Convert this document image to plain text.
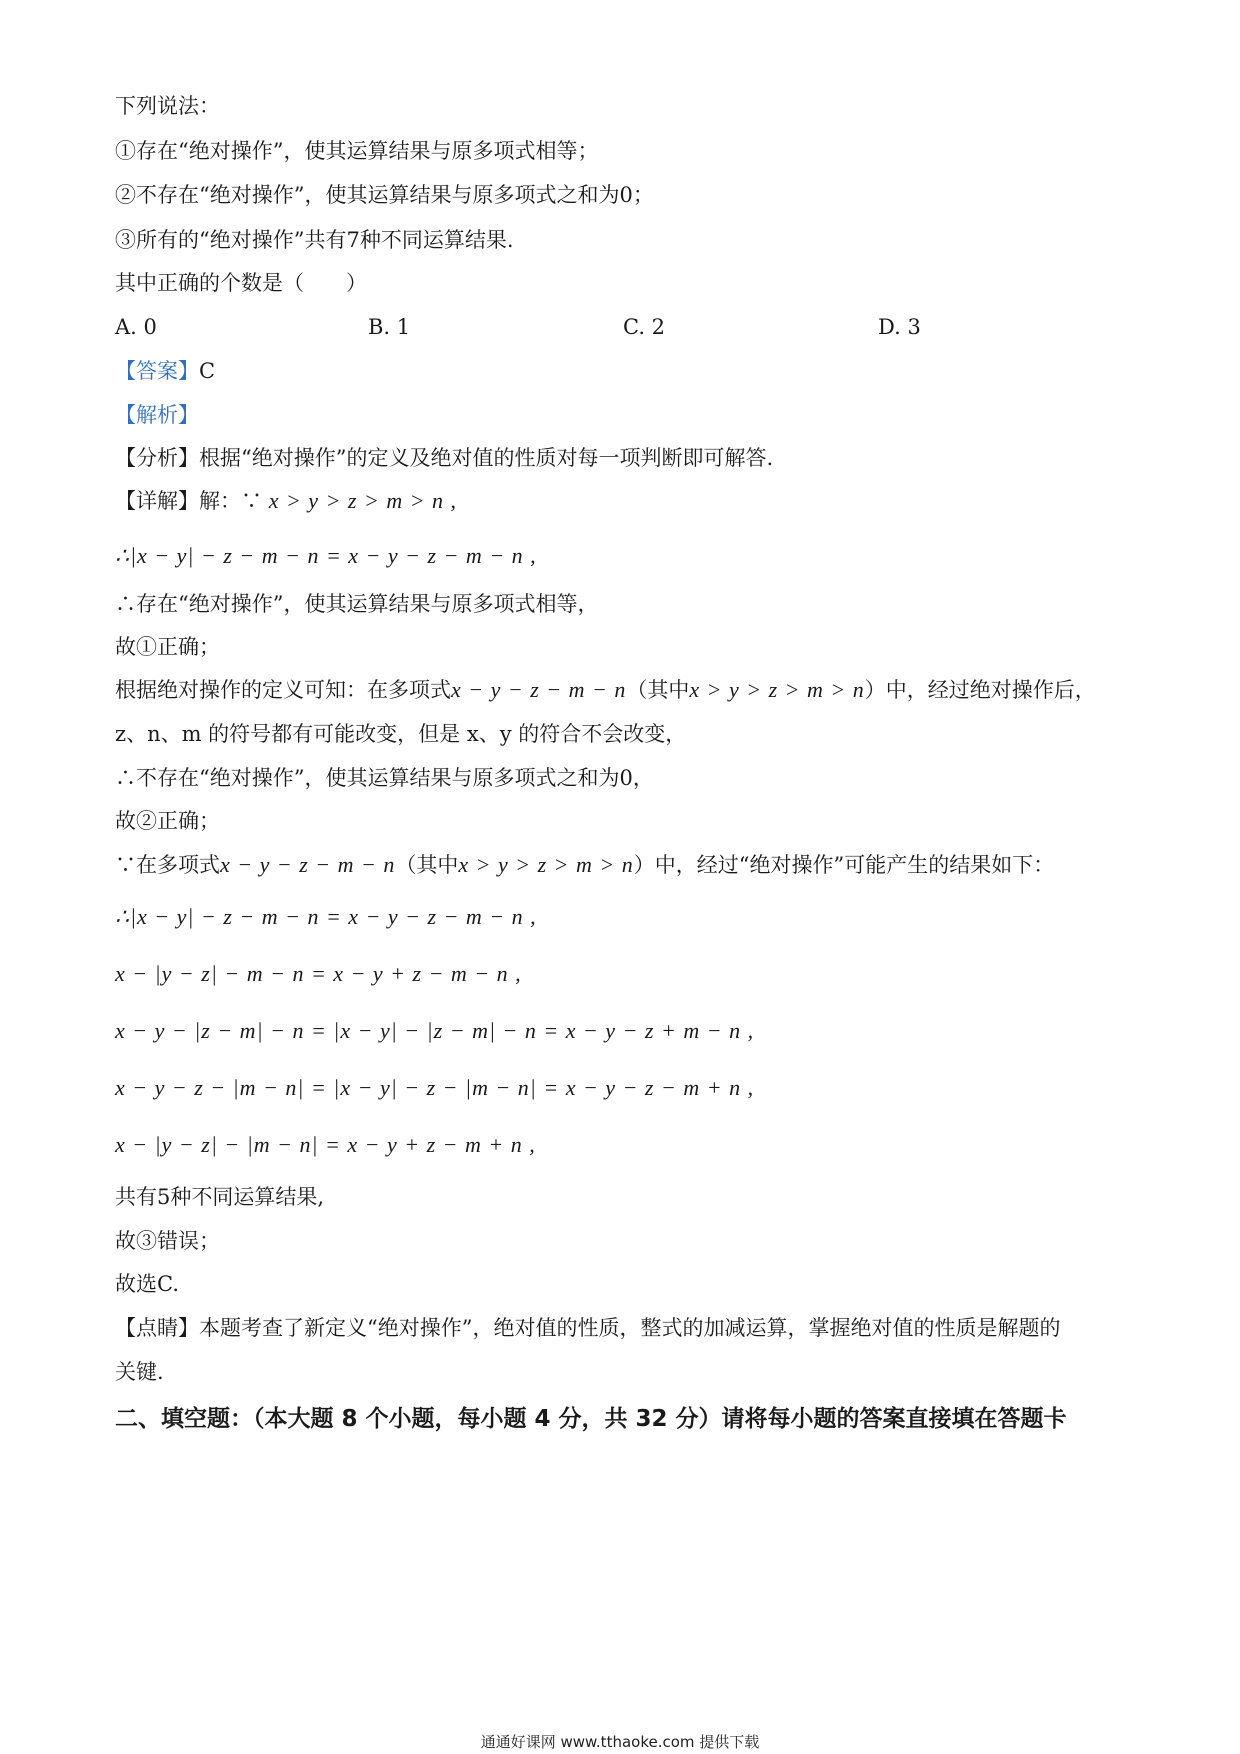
下列说法：
①存在“绝对操作”，使其运算结果与原多项式相等；
②不存在“绝对操作”，使其运算结果与原多项式之和为0；
③所有的“绝对操作”共有7种不同运算结果.
其中正确的个数是（　　）
A. 0	B. 1	C. 2	D. 3
【答案】C
【解析】
【分析】根据“绝对操作”的定义及绝对值的性质对每一项判断即可解答.
【详解】解：∵ x > y > z > m > n ,
∴|x − y| − z − m − n = x − y − z − m − n ,
∴存在“绝对操作”，使其运算结果与原多项式相等，
故①正确；
根据绝对操作的定义可知：在多项式x − y − z − m − n（其中x > y > z > m > n）中，经过绝对操作后，
z、n、m 的符号都有可能改变，但是 x、y 的符合不会改变，
∴不存在“绝对操作”，使其运算结果与原多项式之和为0，
故②正确；
∵在多项式x − y − z − m − n（其中x > y > z > m > n）中，经过“绝对操作”可能产生的结果如下：
∴|x − y| − z − m − n = x − y − z − m − n ,
x − |y − z| − m − n = x − y + z − m − n ,
x − y − |z − m| − n = |x − y| − |z − m| − n = x − y − z + m − n ,
x − y − z − |m − n| = |x − y| − z − |m − n| = x − y − z − m + n ,
x − |y − z| − |m − n| = x − y + z − m + n ,
共有5种不同运算结果,
故③错误；
故选C.
【点睛】本题考查了新定义“绝对操作”，绝对值的性质，整式的加减运算，掌握绝对值的性质是解题的
关键.
二、填空题：（本大题 8 个小题，每小题 4 分，共 32 分）请将每小题的答案直接填在答题卡
通通好课网 www.tthaoke.com 提供下载
